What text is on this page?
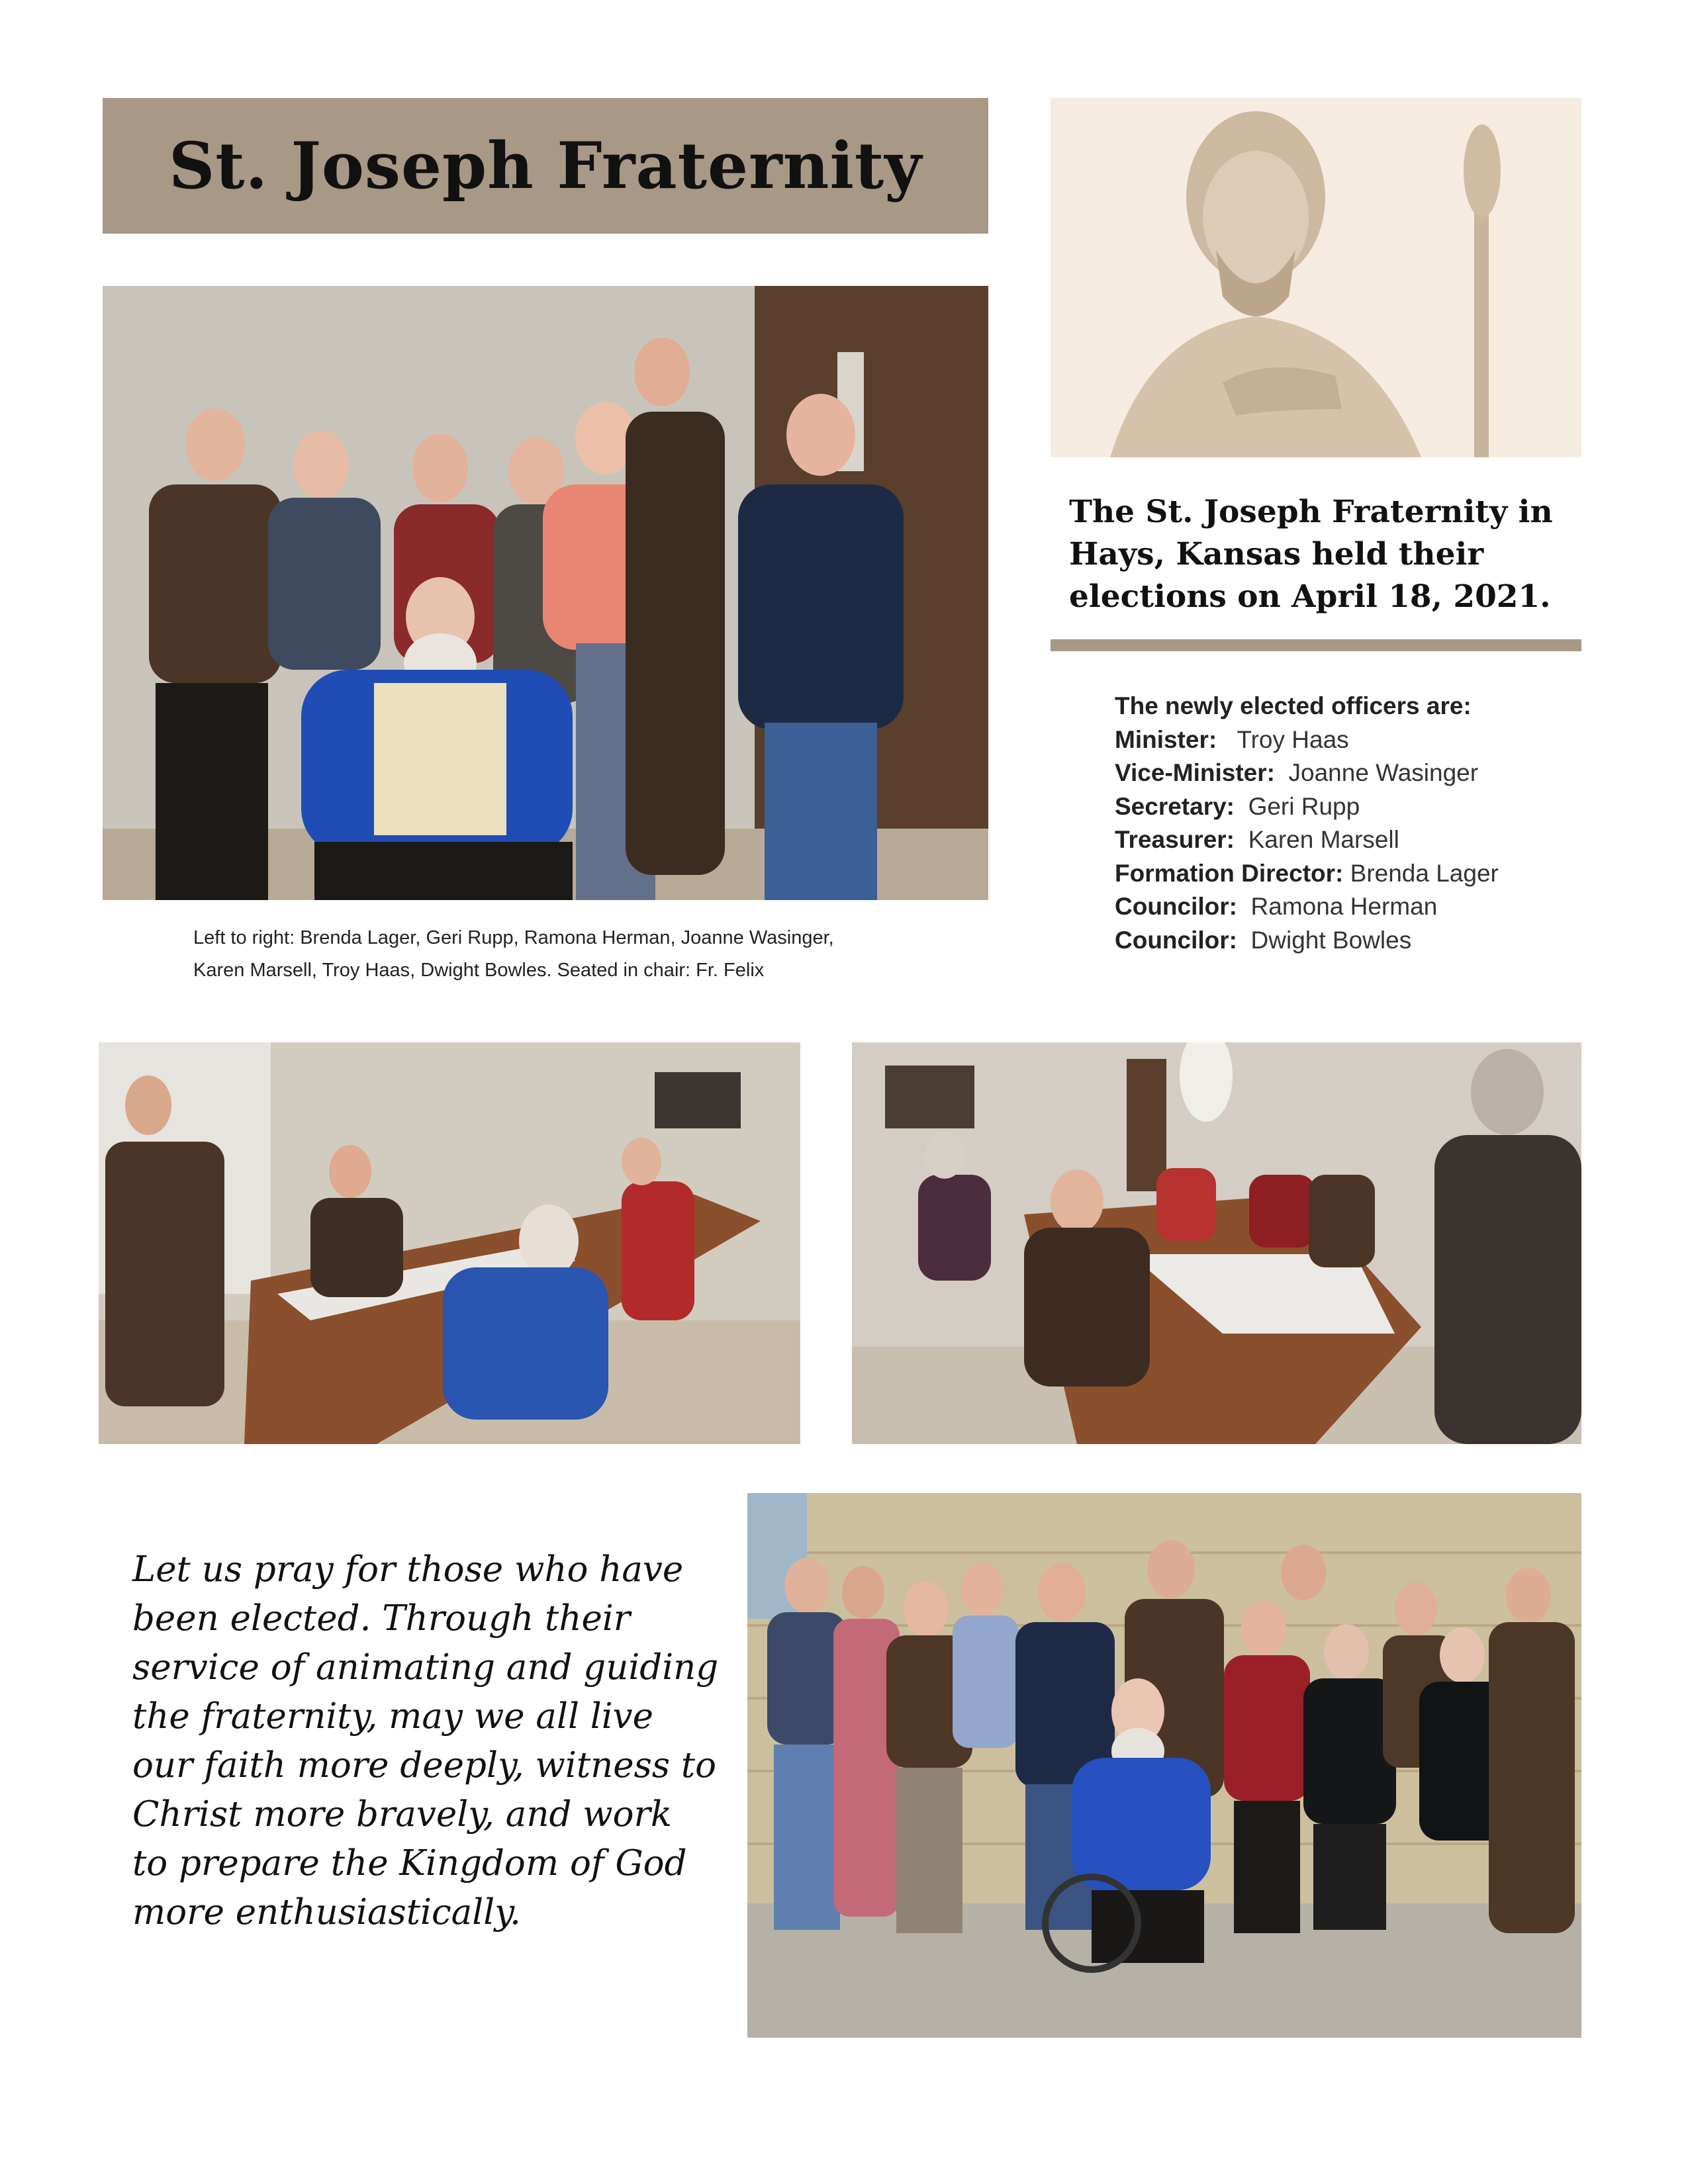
St. Joseph Fraternity
The St. Joseph Fraternity in Hays, Kansas held their elections on April 18, 2021.
The newly elected officers are:
Minister: Troy Haas
Vice-Minister: Joanne Wasinger
Secretary: Geri Rupp
Treasurer: Karen Marsell
Formation Director: Brenda Lager
Councilor: Ramona Herman
Councilor: Dwight Bowles
Left to right: Brenda Lager, Geri Rupp, Ramona Herman, Joanne Wasinger,
Karen Marsell, Troy Haas, Dwight Bowles. Seated in chair: Fr. Felix
Let us pray for those who have
been elected. Through their
service of animating and guiding
the fraternity, may we all live
our faith more deeply, witness to
Christ more bravely, and work
to prepare the Kingdom of God
more enthusiastically.
